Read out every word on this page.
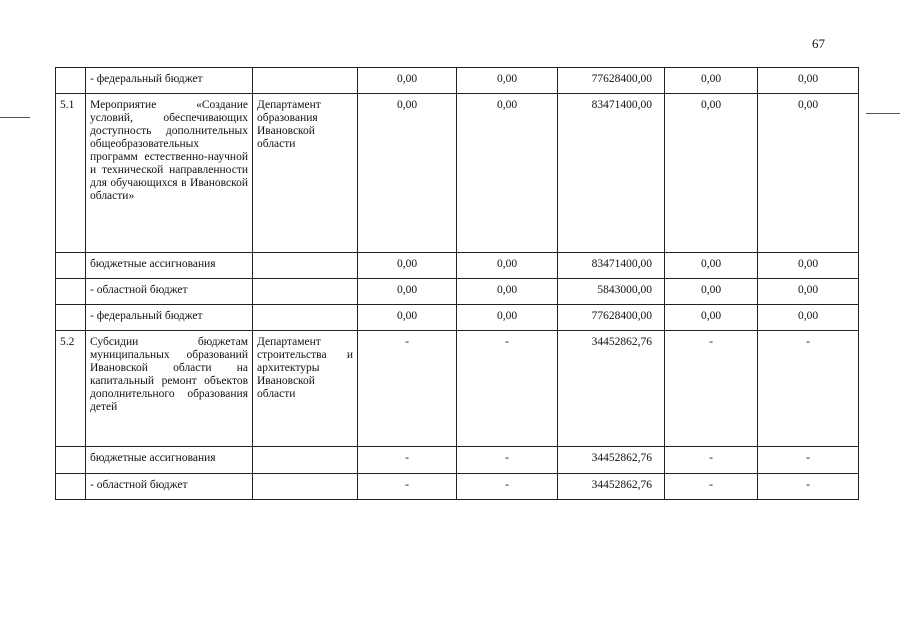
67

	- федеральный бюджет		0,00	0,00	77628400,00	0,00	0,00

5.1	Мероприятие «Создание условий, обеспечивающих доступность дополнительных общеобразовательных программ естественно-научной и технической направленности для обучающихся в Ивановской области»	Департамент образования Ивановской области	0,00	0,00	83471400,00	0,00	0,00

	бюджетные ассигнования		0,00	0,00	83471400,00	0,00	0,00

	- областной бюджет		0,00	0,00	5843000,00	0,00	0,00

	- федеральный бюджет		0,00	0,00	77628400,00	0,00	0,00

5.2	Субсидии бюджетам муниципальных образований Ивановской области на капитальный ремонт объектов дополнительного образования детей	Департамент строительства и архитектуры Ивановской области	-	-	34452862,76	-	-

	бюджетные ассигнования		-	-	34452862,76	-	-

	- областной бюджет		-	-	34452862,76	-	-
